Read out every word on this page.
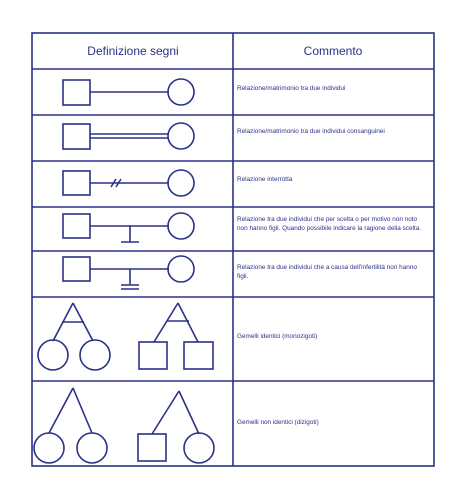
Definizione segni	Commento
Relazione/matrimonio tra due individui
Relazione/matrimonio tra due individui consanguinei
Relazione interrotta
Relazione tra due individui che per scelta o per motivo non noto non hanno figli. Quando possibile indicare la ragione della scelta.
Relazione tra due individui che a causa dell'infertilità non hanno figli.
Gemelli identici (monozigoti)
Gemelli non identici (dizigoti)
